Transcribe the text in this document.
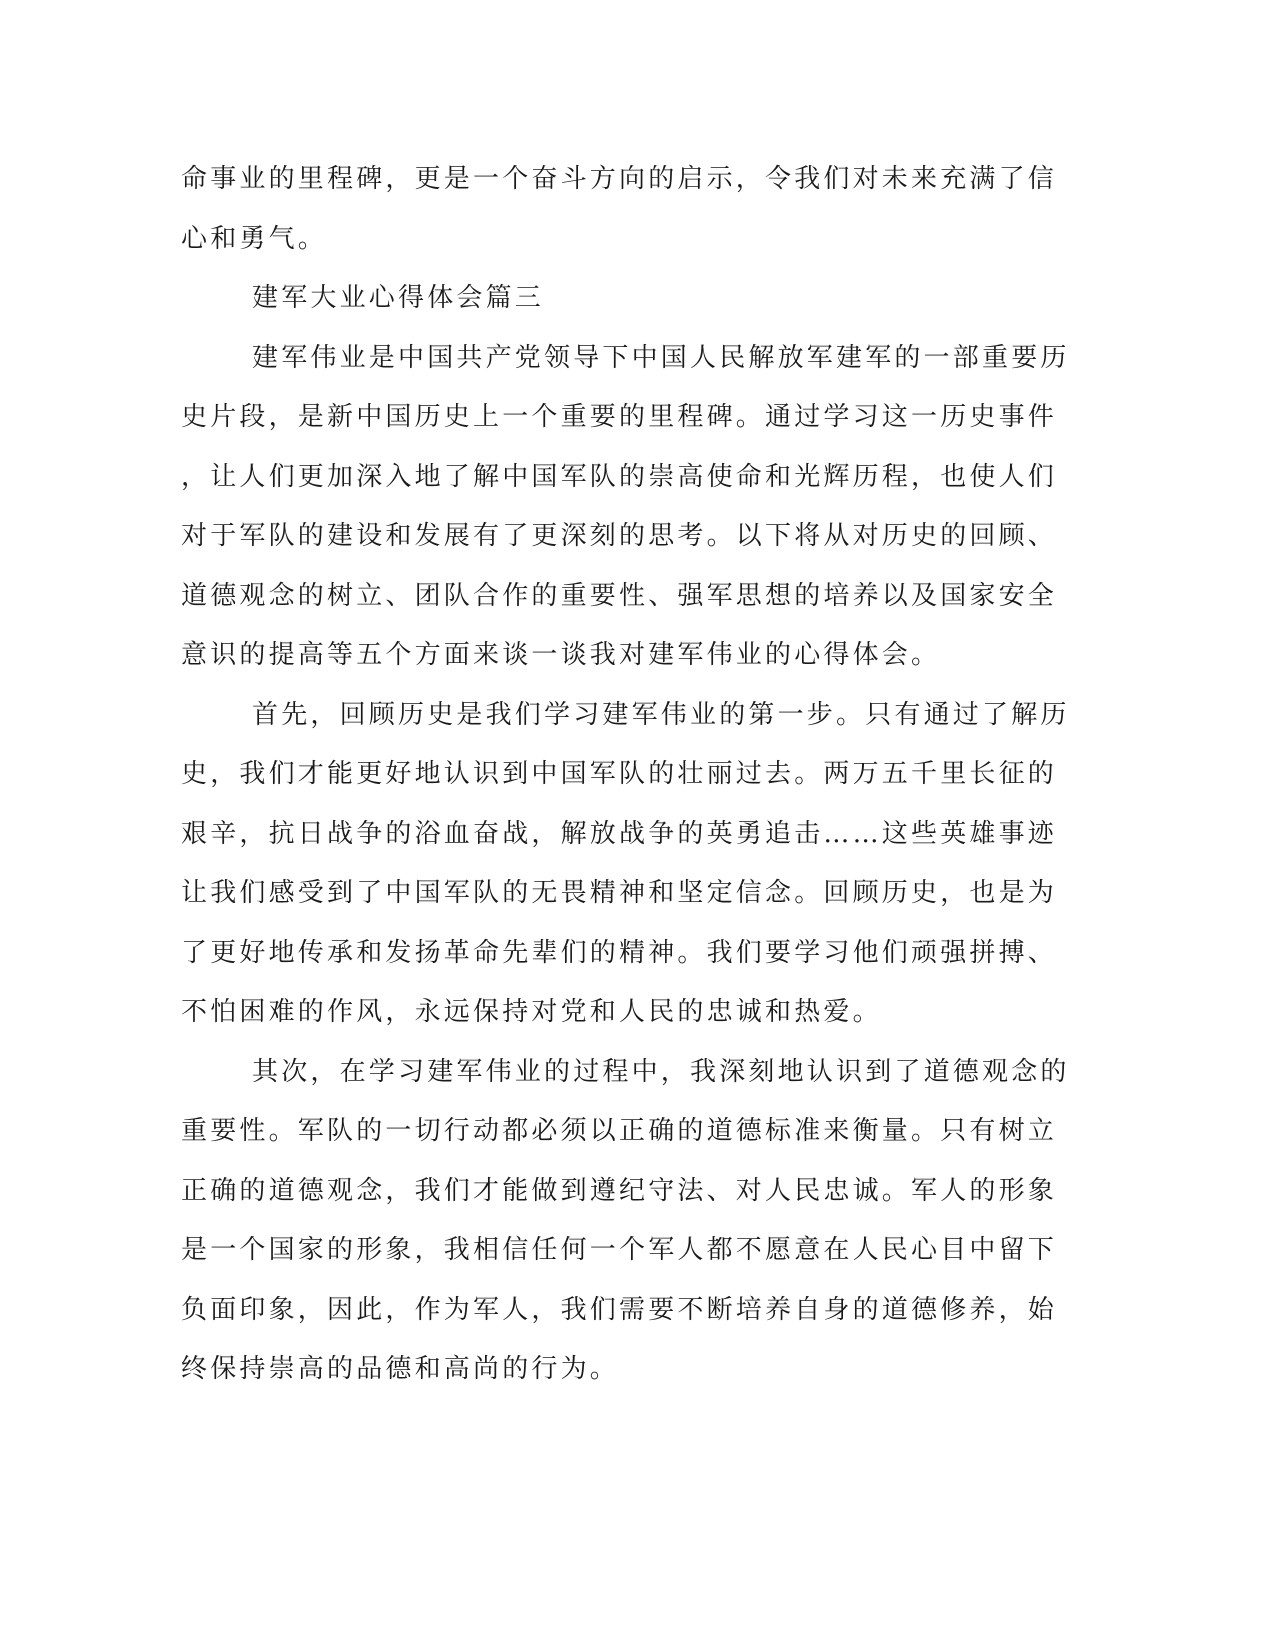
命事业的里程碑，更是一个奋斗方向的启示，令我们对未来充满了信
心和勇气。
建军大业心得体会篇三
建军伟业是中国共产党领导下中国人民解放军建军的一部重要历
史片段，是新中国历史上一个重要的里程碑。通过学习这一历史事件
，让人们更加深入地了解中国军队的崇高使命和光辉历程，也使人们
对于军队的建设和发展有了更深刻的思考。以下将从对历史的回顾、
道德观念的树立、团队合作的重要性、强军思想的培养以及国家安全
意识的提高等五个方面来谈一谈我对建军伟业的心得体会。
首先，回顾历史是我们学习建军伟业的第一步。只有通过了解历
史，我们才能更好地认识到中国军队的壮丽过去。两万五千里长征的
艰辛，抗日战争的浴血奋战，解放战争的英勇追击……这些英雄事迹
让我们感受到了中国军队的无畏精神和坚定信念。回顾历史，也是为
了更好地传承和发扬革命先辈们的精神。我们要学习他们顽强拼搏、
不怕困难的作风，永远保持对党和人民的忠诚和热爱。
其次，在学习建军伟业的过程中，我深刻地认识到了道德观念的
重要性。军队的一切行动都必须以正确的道德标准来衡量。只有树立
正确的道德观念，我们才能做到遵纪守法、对人民忠诚。军人的形象
是一个国家的形象，我相信任何一个军人都不愿意在人民心目中留下
负面印象，因此，作为军人，我们需要不断培养自身的道德修养，始
终保持崇高的品德和高尚的行为。
